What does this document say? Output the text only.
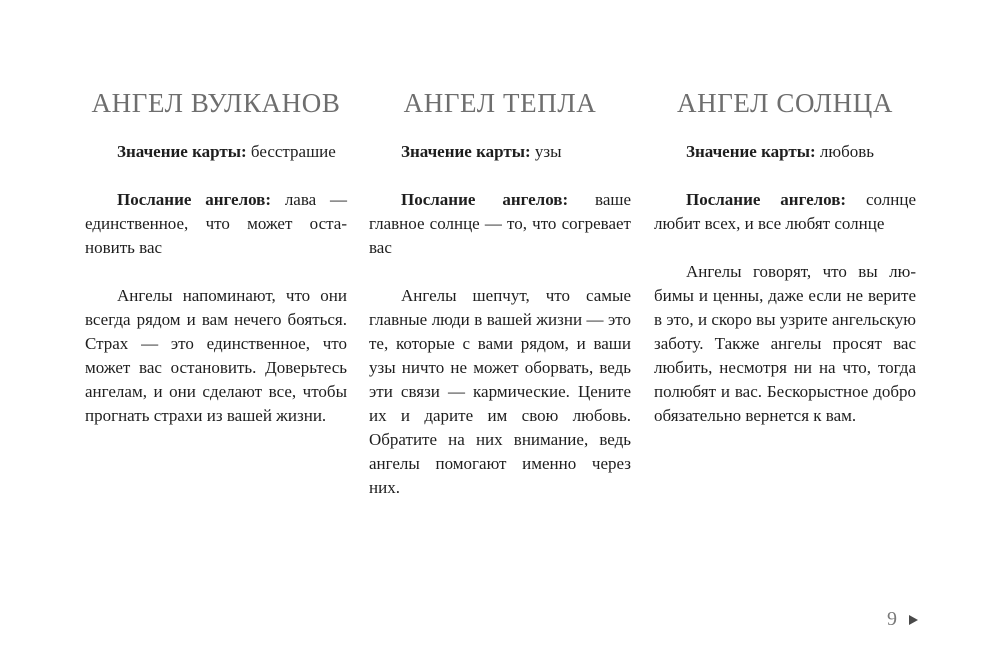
АНГЕЛ ВУЛКАНОВ

Значение карты: бесстрашие

Послание ангелов: лава — единственное, что может остановить вас

Ангелы напоминают, что они всегда рядом и вам нечего бояться. Страх — это единственное, что может вас остановить. Доверьтесь ангелам, и они сделают все, чтобы прогнать страхи из вашей жизни.

АНГЕЛ ТЕПЛА

Значение карты: узы

Послание ангелов: ваше главное солнце — то, что согревает вас

Ангелы шепчут, что самые главные люди в вашей жизни — это те, которые с вами рядом, и ваши узы ничто не может оборвать, ведь эти связи — кармические. Цените их и дарите им свою любовь. Обратите на них внимание, ведь ангелы помогают именно через них.

АНГЕЛ СОЛНЦА

Значение карты: любовь

Послание ангелов: солнце любит всех, и все любят солнце

Ангелы говорят, что вы любимы и ценны, даже если не верите в это, и скоро вы узрите ангельскую заботу. Также ангелы просят вас любить, несмотря ни на что, тогда полюбят и вас. Бескорыстное добро обязательно вернется к вам.

9
